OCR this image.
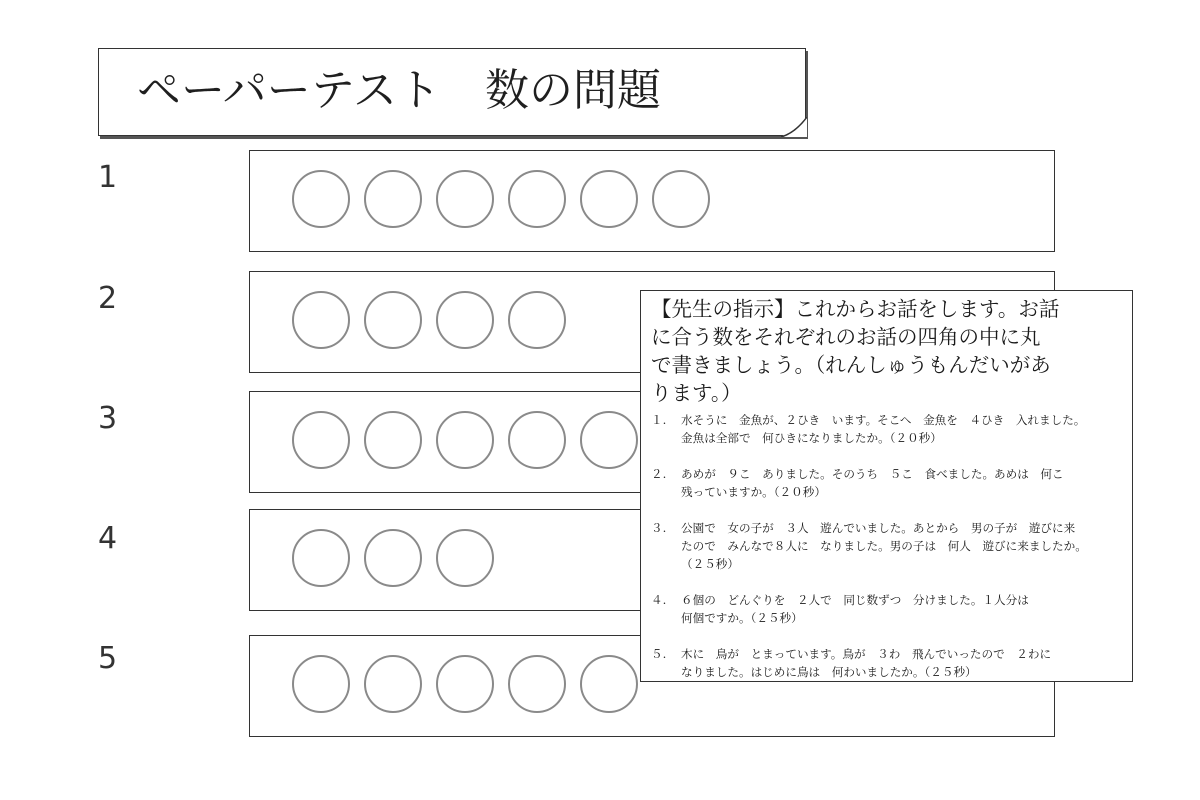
ペーパーテスト　数の問題
1
2
3
4
5
【先生の指示】これからお話をします。お話
に合う数をそれぞれのお話の四角の中に丸
で書きましょう。（れんしゅうもんだいがあ
ります。）
１. 水そうに　金魚が、２ひき　います。そこへ　金魚を　４ひき　入れました。
金魚は全部で　何ひきになりましたか。（２０秒）
２. あめが　９こ　ありました。そのうち　５こ　食べました。あめは　何こ
残っていますか。（２０秒）
３. 公園で　女の子が　３人　遊んでいました。あとから　男の子が　遊びに来
たので　みんなで８人に　なりました。男の子は　何人　遊びに来ましたか。
（２５秒）
４. ６個の　どんぐりを　２人で　同じ数ずつ　分けました。１人分は
何個ですか。（２５秒）
５. 木に　鳥が　とまっています。鳥が　３わ　飛んでいったので　２わに
なりました。はじめに鳥は　何わいましたか。（２５秒）
